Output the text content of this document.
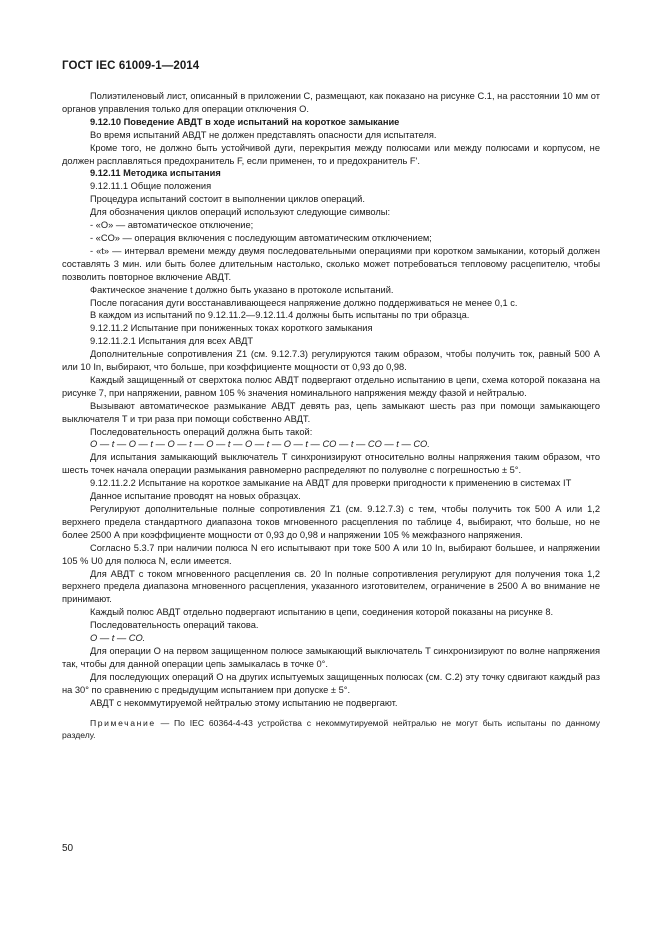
ГОСТ IEC 61009-1—2014

Полиэтиленовый лист, описанный в приложении C, размещают, как показано на рисунке C.1, на расстоянии 10 мм от органов управления только для операции отключения O.

9.12.10 Поведение АВДТ в ходе испытаний на короткое замыкание

Во время испытаний АВДТ не должен представлять опасности для испытателя.

Кроме того, не должно быть устойчивой дуги, перекрытия между полюсами или между полюсами и корпусом, не должен расплавляться предохранитель F, если применен, то и предохранитель F'.

9.12.11 Методика испытания

9.12.11.1 Общие положения

Процедура испытаний состоит в выполнении циклов операций.

Для обозначения циклов операций используют следующие символы:

- «O» — автоматическое отключение;

- «CO» — операция включения с последующим автоматическим отключением;

- «t» — интервал времени между двумя последовательными операциями при коротком замыкании, который должен составлять 3 мин. или быть более длительным настолько, сколько может потребоваться тепловому расцепителю, чтобы позволить повторное включение АВДТ.

Фактическое значение t должно быть указано в протоколе испытаний.

После погасания дуги восстанавливающееся напряжение должно поддерживаться не менее 0,1 с.

В каждом из испытаний по 9.12.11.2—9.12.11.4 должны быть испытаны по три образца.

9.12.11.2 Испытание при пониженных токах короткого замыкания

9.12.11.2.1 Испытания для всех АВДТ

Дополнительные сопротивления Z1 (см. 9.12.7.3) регулируются таким образом, чтобы получить ток, равный 500 А или 10 In, выбирают, что больше, при коэффициенте мощности от 0,93 до 0,98.

Каждый защищенный от сверхтока полюс АВДТ подвергают отдельно испытанию в цепи, схема которой показана на рисунке 7, при напряжении, равном 105 % значения номинального напряжения между фазой и нейтралью.

Вызывают автоматическое размыкание АВДТ девять раз, цепь замыкают шесть раз при помощи замыкающего выключателя T и три раза при помощи собственно АВДТ.

Последовательность операций должна быть такой:

O — t — O — t — O — t — O — t — O — t — O — t — CO — t — CO — t — CO.

Для испытания замыкающий выключатель T синхронизируют относительно волны напряжения таким образом, что шесть точек начала операции размыкания равномерно распределяют по полуволне с погрешностью ± 5°.

9.12.11.2.2 Испытание на короткое замыкание на АВДТ для проверки пригодности к применению в системах IT

Данное испытание проводят на новых образцах.

Регулируют дополнительные полные сопротивления Z1 (см. 9.12.7.3) с тем, чтобы получить ток 500 А или 1,2 верхнего предела стандартного диапазона токов мгновенного расцепления по таблице 4, выбирают, что больше, но не более 2500 А при коэффициенте мощности от 0,93 до 0,98 и напряжении 105 % межфазного напряжения.

Согласно 5.3.7 при наличии полюса N его испытывают при токе 500 А или 10 In, выбирают большее, и напряжении 105 % U0 для полюса N, если имеется.

Для АВДТ с током мгновенного расцепления св. 20 In полные сопротивления регулируют для получения тока 1,2 верхнего предела диапазона мгновенного расцепления, указанного изготовителем, ограничение в 2500 А во внимание не принимают.

Каждый полюс АВДТ отдельно подвергают испытанию в цепи, соединения которой показаны на рисунке 8.

Последовательность операций такова.

O — t — CO.

Для операции O на первом защищенном полюсе замыкающий выключатель T синхронизируют по волне напряжения так, чтобы для данной операции цепь замыкалась в точке 0°.

Для последующих операций O на других испытуемых защищенных полюсах (см. C.2) эту точку сдвигают каждый раз на 30° по сравнению с предыдущим испытанием при допуске ± 5°.

АВДТ с некоммутируемой нейтралью этому испытанию не подвергают.

Примечание — По IEC 60364-4-43 устройства с некоммутируемой нейтралью не могут быть испытаны по данному разделу.

50
